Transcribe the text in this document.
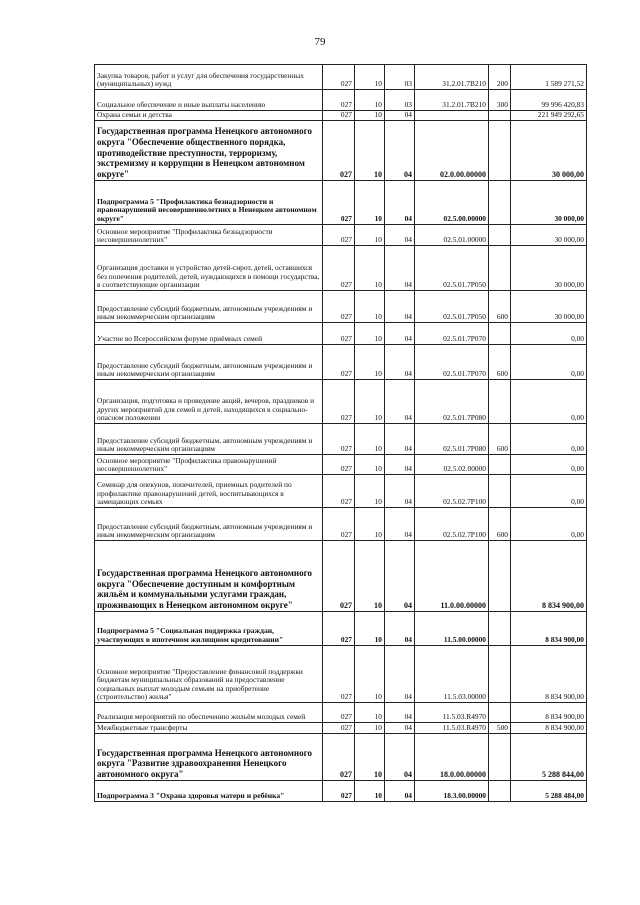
79
Закупка товаров, работ и услуг для обеспечения государственных (муниципальных) нужд	027	10	03	31.2.01.7В210	200	1 589 271,52
Социальное обеспечение и иные выплаты населению	027	10	03	31.2.01.7В210	300	99 996 420,83
Охрана семьи и детства	027	10	04			221 949 292,65
Государственная программа Ненецкого автономного округа "Обеспечение общественного порядка, противодействие преступности, терроризму, экстремизму и коррупции в Ненецком автономном округе"	027	10	04	02.0.00.00000		30 000,00
Подпрограмма 5 "Профилактика безнадзорности и правонарушений несовершеннолетних в Ненецком автономном округе"	027	10	04	02.5.00.00000		30 000,00
Основное мероприятие "Профилактика безнадзорности несовершеннолетних"	027	10	04	02.5.01.00000		30 000,00
Организация доставки и устройство детей-сирот, детей, оставшихся без попечения родителей, детей, нуждающихся в помощи государства, в соответствующие организации	027	10	04	02.5.01.7Р050		30 000,00
Предоставление субсидий бюджетным, автономным учреждениям и иным некоммерческим организациям	027	10	04	02.5.01.7Р050	600	30 000,00
Участие во Всероссийском форуме приёмных семей	027	10	04	02.5.01.7Р070		0,00
Предоставление субсидий бюджетным, автономным учреждениям и иным некоммерческим организациям	027	10	04	02.5.01.7Р070	600	0,00
Организация, подготовка и проведение акций, вечеров, праздников и других мероприятий для семей и детей, находящихся в социально-опасном положении	027	10	04	02.5.01.7Р080		0,00
Предоставление субсидий бюджетным, автономным учреждениям и иным некоммерческим организациям	027	10	04	02.5.01.7Р080	600	0,00
Основное мероприятие "Профилактика правонарушений несовершеннолетних"	027	10	04	02.5.02.00000		0,00
Семинар для опекунов, попечителей, приемных родителей по профилактике правонарушений детей, воспитывающихся в замещающих семьях	027	10	04	02.5.02.7Р100		0,00
Предоставление субсидий бюджетным, автономным учреждениям и иным некоммерческим организациям	027	10	04	02.5.02.7Р100	600	0,00
Государственная программа Ненецкого автономного округа "Обеспечение доступным и комфортным жильём и коммунальными услугами граждан, проживающих в Ненецком автономном округе"	027	10	04	11.0.00.00000		8 834 900,00
Подпрограмма 5 "Социальная поддержка граждан, участвующих в ипотечном жилищном кредитовании"	027	10	04	11.5.00.00000		8 834 900,00
Основное мероприятие "Предоставление финансовой поддержки бюджетам муниципальных образований на предоставление социальных выплат молодым семьям на приобретение (строительство) жилья"	027	10	04	11.5.03.00000		8 834 900,00
Реализация мероприятий по обеспечению жильём молодых семей	027	10	04	11.5.03.R4970		8 834 900,00
Межбюджетные трансферты	027	10	04	11.5.03.R4970	500	8 834 900,00
Государственная программа Ненецкого автономного округа "Развитие здравоохранения Ненецкого автономного округа"	027	10	04	18.0.00.00000		5 288 844,00
Подпрограмма 3 "Охрана здоровья матери и ребёнка"	027	10	04	18.3.00.00000		5 288 484,00
